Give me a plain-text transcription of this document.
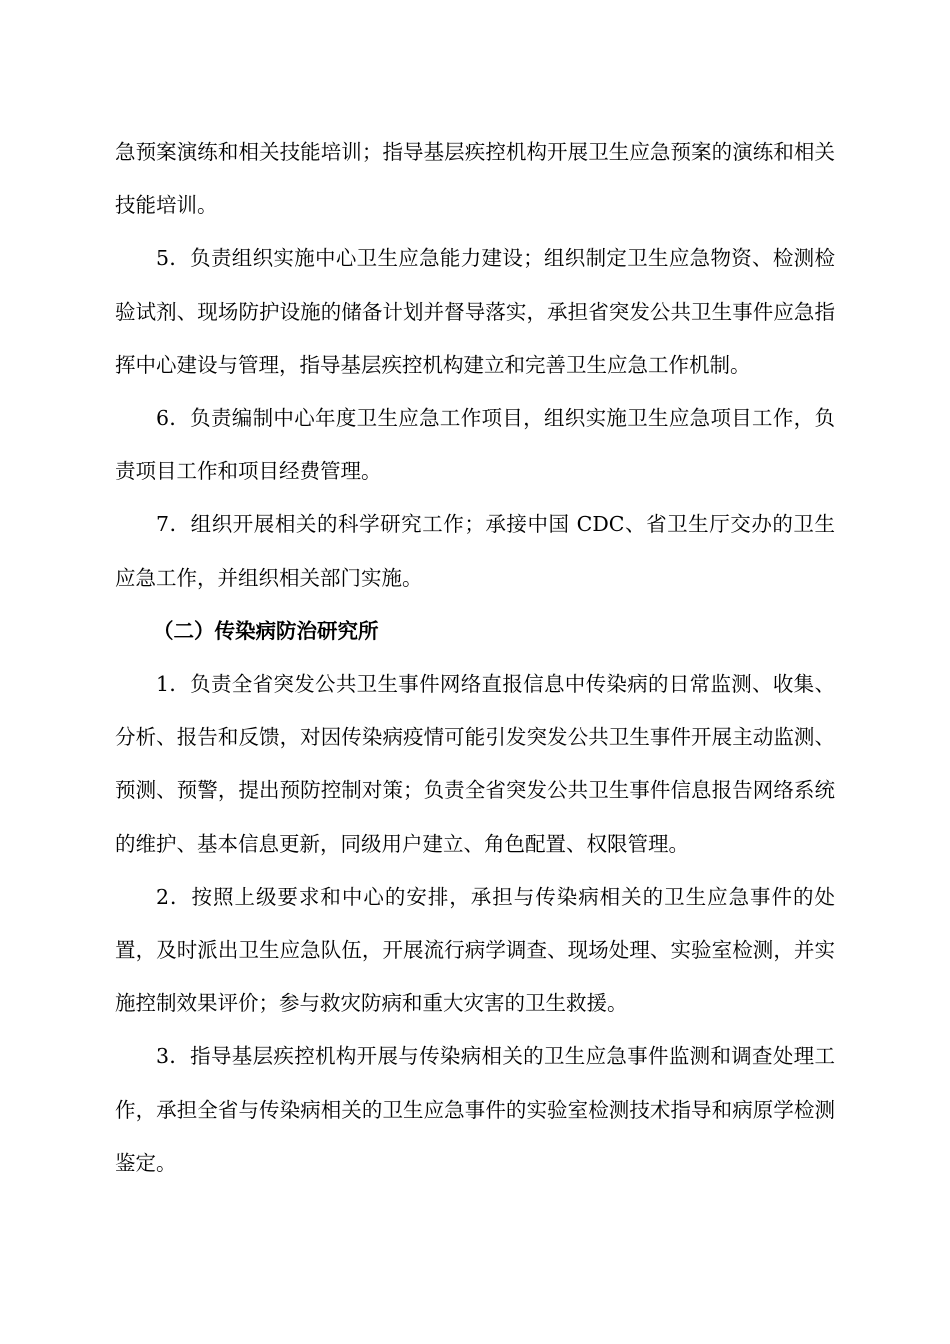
急预案演练和相关技能培训；指导基层疾控机构开展卫生应急预案的演练和相关技能培训。

5．负责组织实施中心卫生应急能力建设；组织制定卫生应急物资、检测检验试剂、现场防护设施的储备计划并督导落实，承担省突发公共卫生事件应急指挥中心建设与管理，指导基层疾控机构建立和完善卫生应急工作机制。

6．负责编制中心年度卫生应急工作项目，组织实施卫生应急项目工作，负责项目工作和项目经费管理。

7．组织开展相关的科学研究工作；承接中国 CDC、省卫生厅交办的卫生应急工作，并组织相关部门实施。

（二）传染病防治研究所

1．负责全省突发公共卫生事件网络直报信息中传染病的日常监测、收集、分析、报告和反馈，对因传染病疫情可能引发突发公共卫生事件开展主动监测、预测、预警，提出预防控制对策；负责全省突发公共卫生事件信息报告网络系统的维护、基本信息更新，同级用户建立、角色配置、权限管理。

2．按照上级要求和中心的安排，承担与传染病相关的卫生应急事件的处置，及时派出卫生应急队伍，开展流行病学调查、现场处理、实验室检测，并实施控制效果评价；参与救灾防病和重大灾害的卫生救援。

3．指导基层疾控机构开展与传染病相关的卫生应急事件监测和调查处理工作，承担全省与传染病相关的卫生应急事件的实验室检测技术指导和病原学检测鉴定。
